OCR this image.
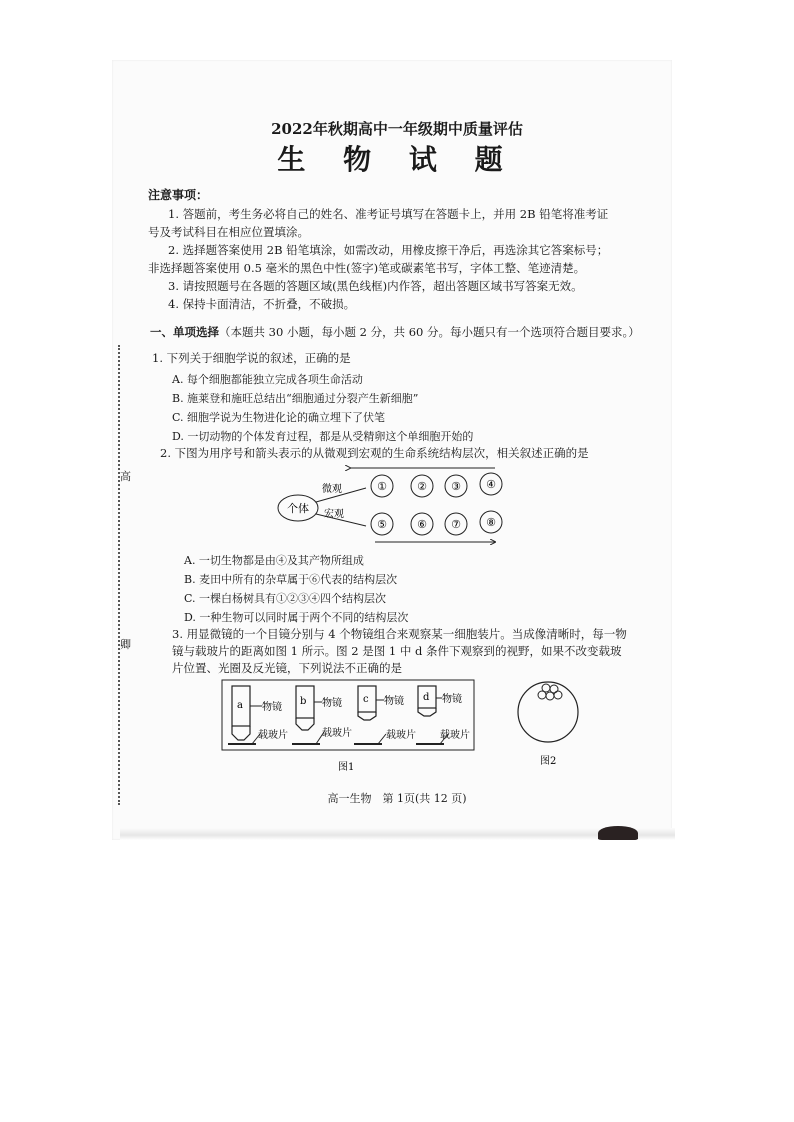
高
卿
2022年秋期高中一年级期中质量评估
生 物 试 题
注意事项：
1. 答题前，考生务必将自己的姓名、准考证号填写在答题卡上，并用 2B 铅笔将准考证
号及考试科目在相应位置填涂。
2. 选择题答案使用 2B 铅笔填涂，如需改动，用橡皮擦干净后，再选涂其它答案标号；
非选择题答案使用 0.5 毫米的黑色中性(签字)笔或碳素笔书写，字体工整、笔迹清楚。
3. 请按照题号在各题的答题区域(黑色线框)内作答，超出答题区域书写答案无效。
4. 保持卡面清洁，不折叠，不破损。
一、单项选择（本题共 30 小题，每小题 2 分，共 60 分。每小题只有一个选项符合题目要求。）
1. 下列关于细胞学说的叙述，正确的是
A. 每个细胞都能独立完成各项生命活动
B. 施莱登和施旺总结出“细胞通过分裂产生新细胞”
C. 细胞学说为生物进化论的确立埋下了伏笔
D. 一切动物的个体发育过程，都是从受精卵这个单细胞开始的
2. 下图为用序号和箭头表示的从微观到宏观的生命系统结构层次，相关叙述正确的是
个体
微观
宏观
①	② ③ ④
⑤	⑥ ⑦ ⑧
A. 一切生物都是由④及其产物所组成
B. 麦田中所有的杂草属于⑥代表的结构层次
C. 一棵白杨树具有①②③④四个结构层次
D. 一种生物可以同时属于两个不同的结构层次
3. 用显微镜的一个目镜分别与 4 个物镜组合来观察某一细胞装片。当成像清晰时，每一物
镜与载玻片的距离如图 1 所示。图 2 是图 1 中 d 条件下观察到的视野，如果不改变载玻
片位置、光圈及反光镜，下列说法不正确的是
a 物镜
载玻片
b 物镜
载玻片
c 物镜
载玻片
d 物镜
载玻片
图1
图2
高一生物　第 1页(共 12 页)
